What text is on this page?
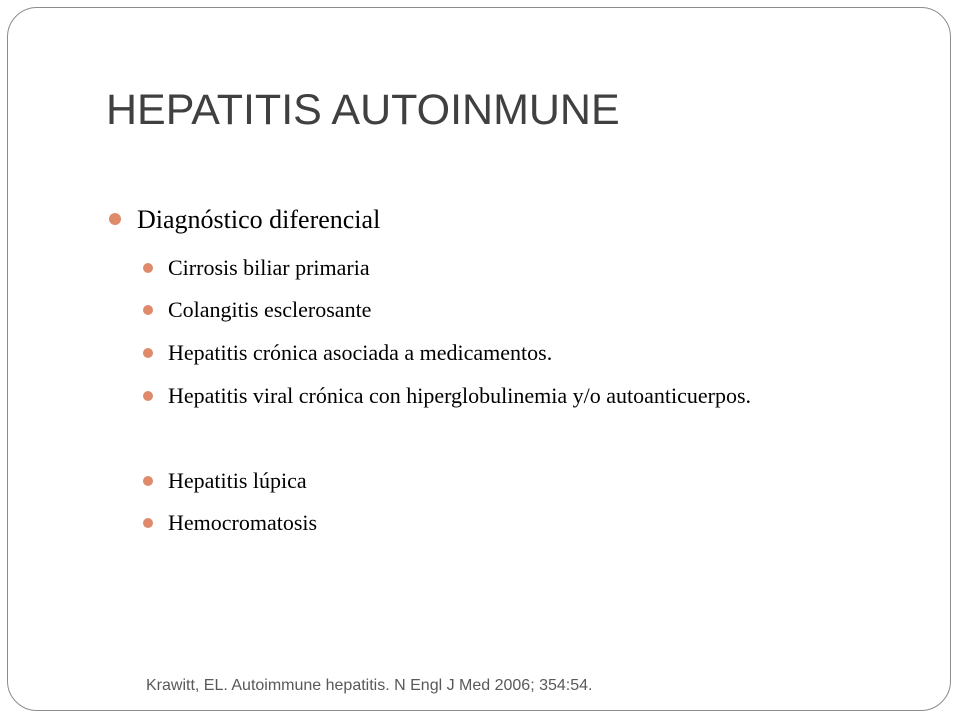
HEPATITIS AUTOINMUNE
Diagnóstico diferencial
Cirrosis biliar primaria
Colangitis esclerosante
Hepatitis crónica asociada a medicamentos.
Hepatitis viral crónica con hiperglobulinemia y/o autoanticuerpos.
Hepatitis lúpica
Hemocromatosis
Krawitt, EL. Autoimmune hepatitis. N Engl J Med 2006; 354:54.
